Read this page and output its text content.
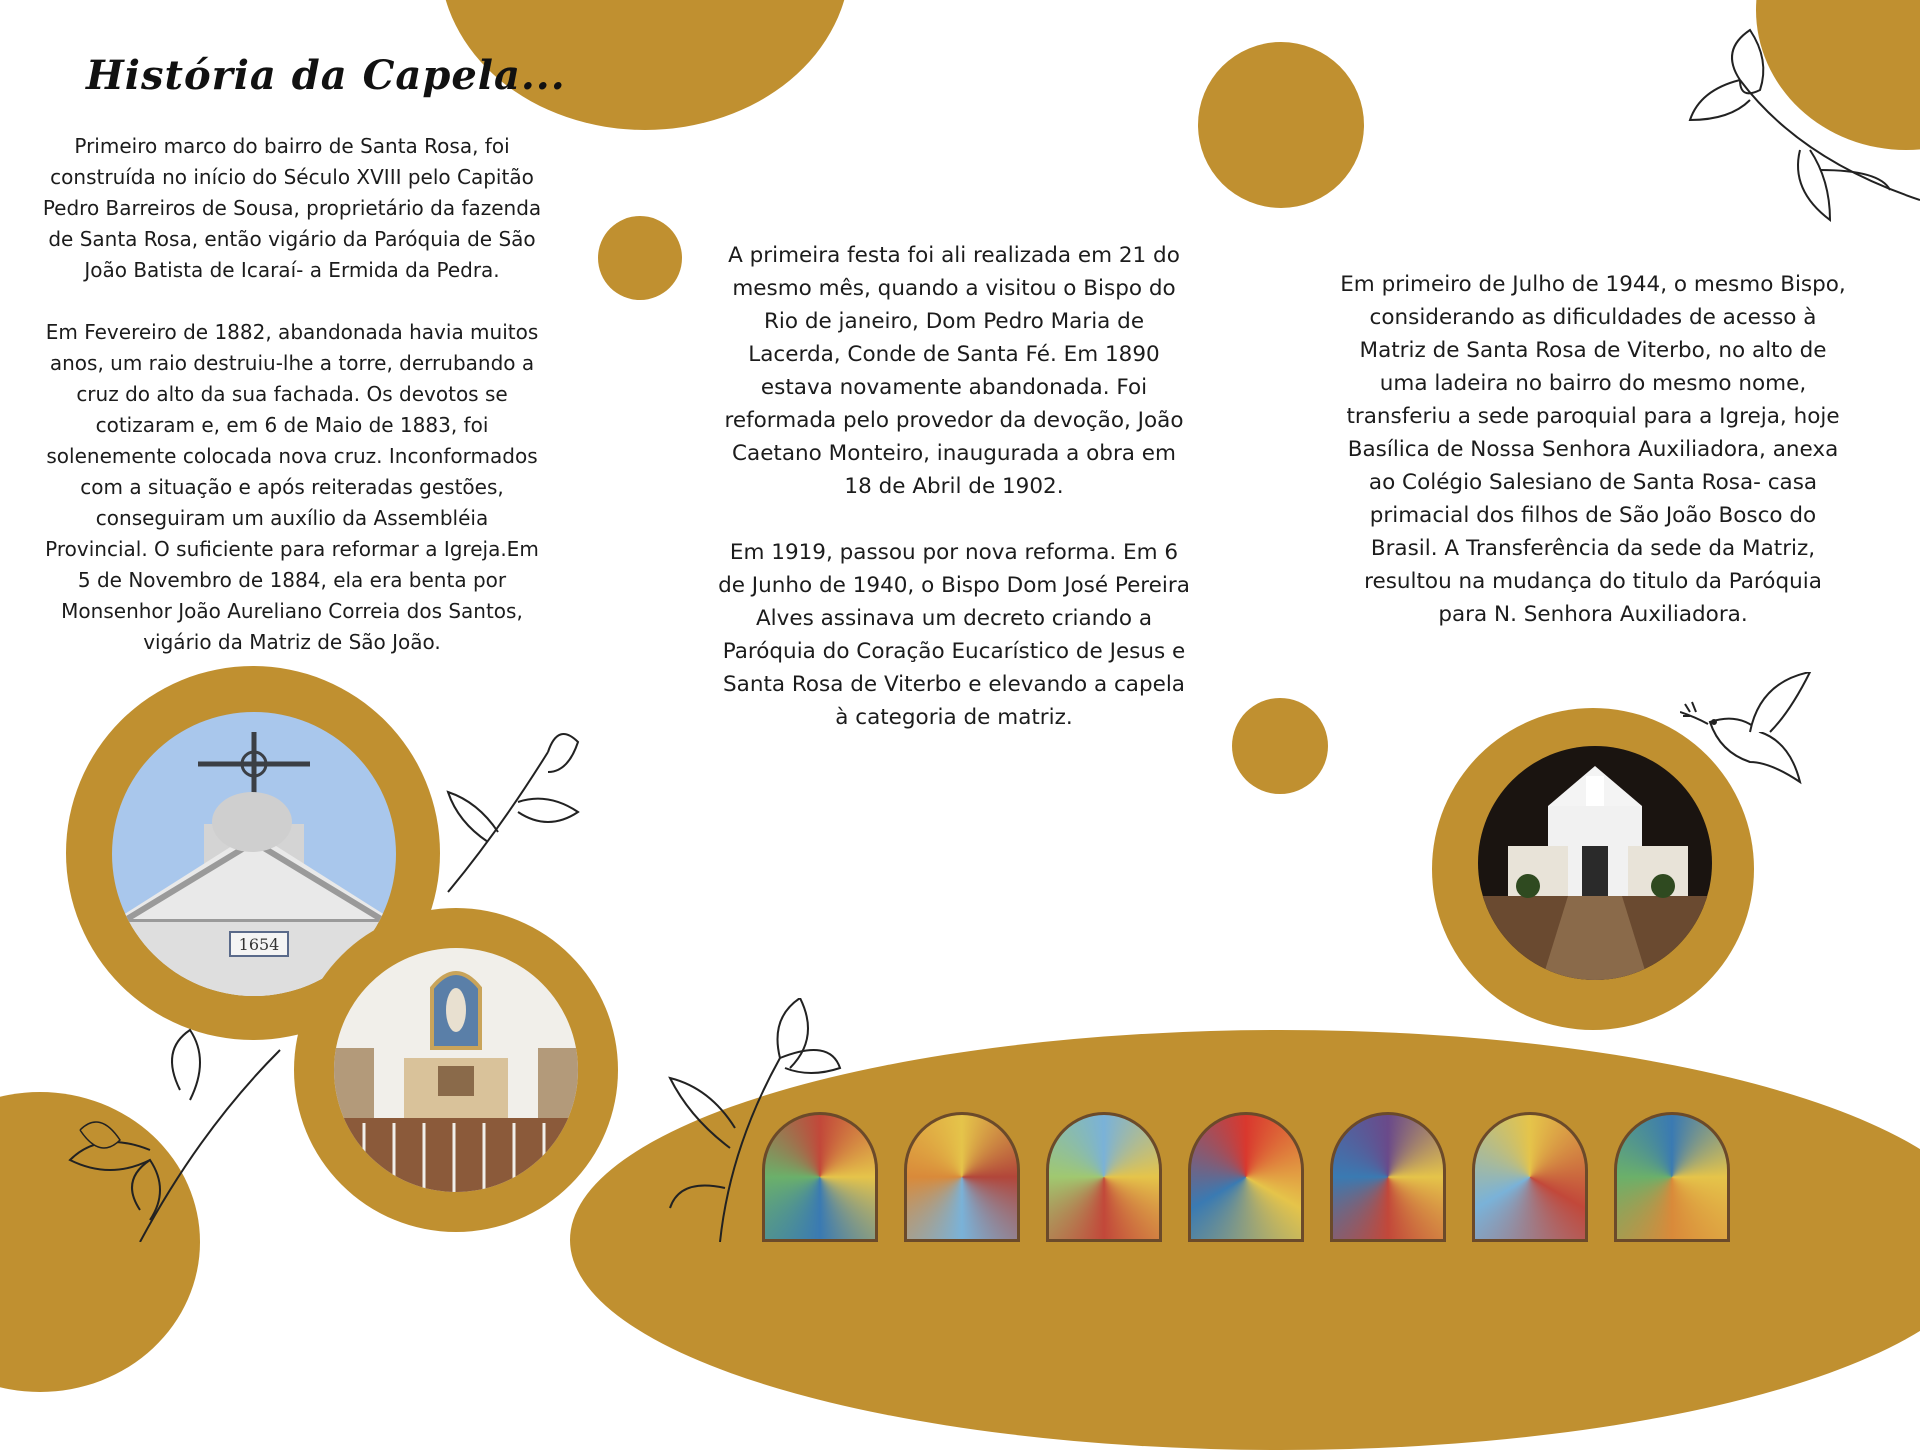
História da Capela...

Primeiro marco do bairro de Santa Rosa, foi construída no início do Século XVIII pelo Capitão Pedro Barreiros de Sousa, proprietário da fazenda de Santa Rosa, então vigário da Paróquia de São João Batista de Icaraí- a Ermida da Pedra.

Em Fevereiro de 1882, abandonada havia muitos anos, um raio destruiu-lhe a torre, derrubando a cruz do alto da sua fachada. Os devotos se cotizaram e, em 6 de Maio de 1883, foi solenemente colocada nova cruz. Inconformados com a situação e após reiteradas gestões, conseguiram um auxílio da Assembléia Provincial. O suficiente para reformar a Igreja.Em 5 de Novembro de 1884, ela era benta por Monsenhor João Aureliano Correia dos Santos, vigário da Matriz de São João.

A primeira festa foi ali realizada em 21 do mesmo mês, quando a visitou o Bispo do Rio de janeiro, Dom Pedro Maria de Lacerda, Conde de Santa Fé. Em 1890 estava novamente abandonada. Foi reformada pelo provedor da devoção, João Caetano Monteiro, inaugurada a obra em 18 de Abril de 1902.

Em 1919, passou por nova reforma. Em 6 de Junho de 1940, o Bispo Dom José Pereira Alves assinava um decreto criando a Paróquia do Coração Eucarístico de Jesus e Santa Rosa de Viterbo e elevando a capela à categoria de matriz.

Em primeiro de Julho de 1944, o mesmo Bispo, considerando as dificuldades de acesso à Matriz de Santa Rosa de Viterbo, no alto de uma ladeira no bairro do mesmo nome, transferiu a sede paroquial para a Igreja, hoje Basílica de Nossa Senhora Auxiliadora, anexa ao Colégio Salesiano de Santa Rosa- casa primacial dos filhos de São João Bosco do Brasil. A Transferência da sede da Matriz, resultou na mudança do titulo da Paróquia para N. Senhora Auxiliadora.

1654
